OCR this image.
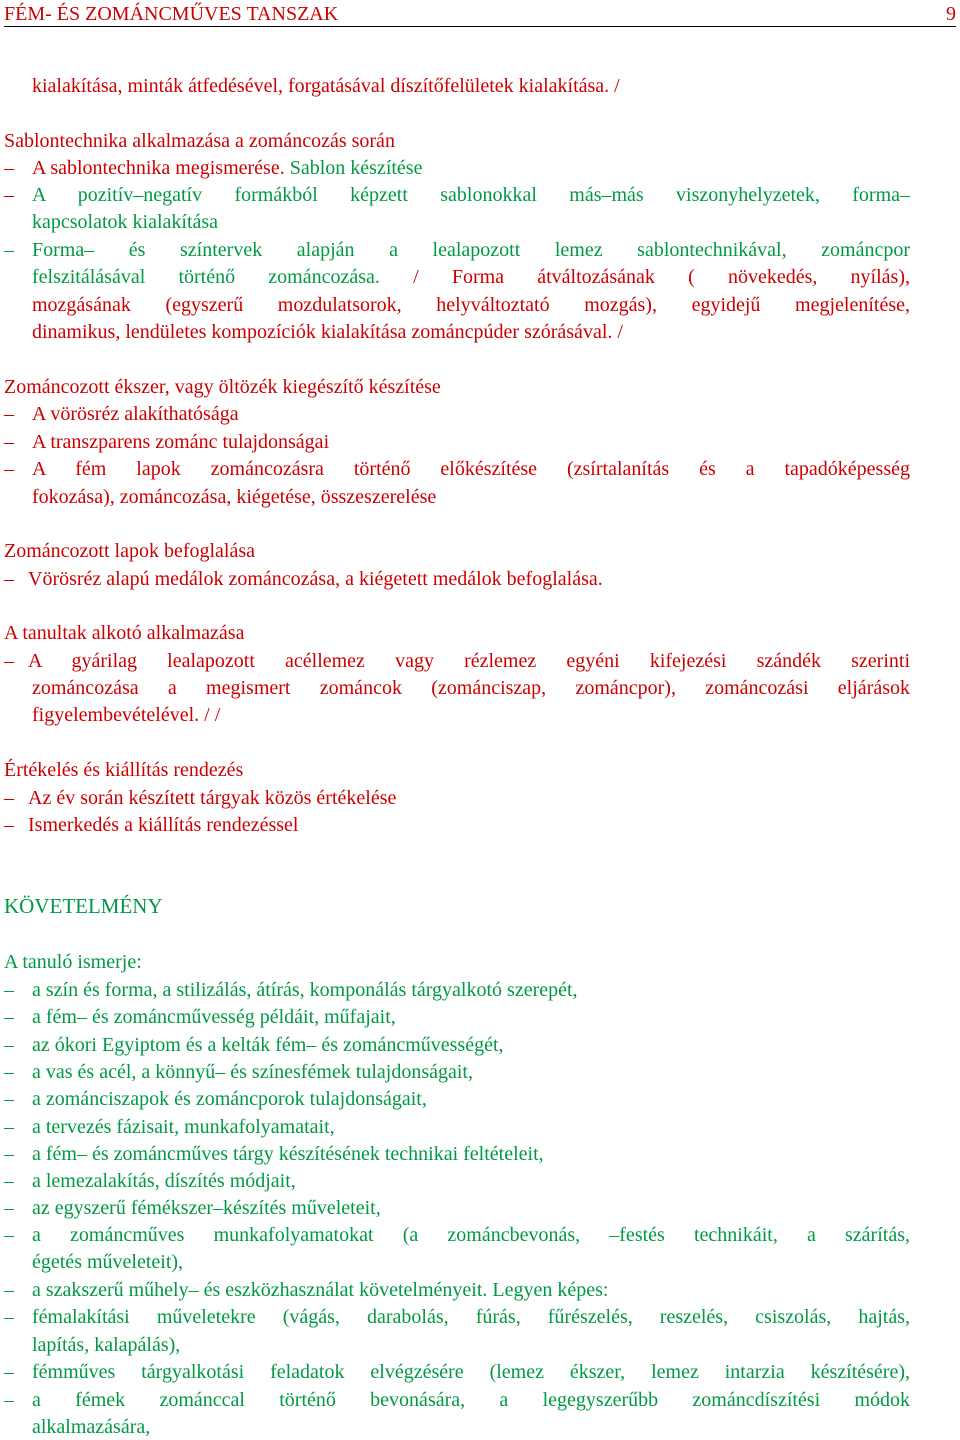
FÉM- ÉS ZOMÁNCMŰVES TANSZAK	9
kialakítása, minták átfedésével, forgatásával díszítőfelületek kialakítása. /
Sablontechnika alkalmazása a zománcozás során
– A sablontechnika megismerése. Sablon készítése
– A pozitív–negatív formákból képzett sablonokkal más–más viszonyhelyzetek, forma–
kapcsolatok kialakítása
– Forma– és színtervek alapján a lealapozott lemez sablontechnikával, zománcpor
felszitálásával történő zománcozása. / Forma átváltozásának ( növekedés, nyílás),
mozgásának (egyszerű mozdulatsorok, helyváltoztató mozgás), egyidejű megjelenítése,
dinamikus, lendületes kompozíciók kialakítása zománcpúder szórásával. /
Zománcozott ékszer, vagy öltözék kiegészítő készítése
– A vörösréz alakíthatósága
– A transzparens zománc tulajdonságai
– A fém lapok zománcozásra történő előkészítése (zsírtalanítás és a tapadóképesség
fokozása), zománcozása, kiégetése, összeszerelése
Zománcozott lapok befoglalása
– Vörösréz alapú medálok zománcozása, a kiégetett medálok befoglalása.
A tanultak alkotó alkalmazása
– A gyárilag lealapozott acéllemez vagy rézlemez egyéni kifejezési szándék szerinti
zománcozása a megismert zománcok (zománciszap, zománcpor), zománcozási eljárások
figyelembevételével. / /
Értékelés és kiállítás rendezés
– Az év során készített tárgyak közös értékelése
– Ismerkedés a kiállítás rendezéssel
KÖVETELMÉNY
A tanuló ismerje:
– a szín és forma, a stilizálás, átírás, komponálás tárgyalkotó szerepét,
– a fém– és zománcművesség példáit, műfajait,
– az ókori Egyiptom és a kelták fém– és zománcművességét,
– a vas és acél, a könnyű– és színesfémek tulajdonságait,
– a zománciszapok és zománcporok tulajdonságait,
– a tervezés fázisait, munkafolyamatait,
– a fém– és zománcműves tárgy készítésének technikai feltételeit,
– a lemezalakítás, díszítés módjait,
– az egyszerű fémékszer–készítés műveleteit,
– a zománcműves munkafolyamatokat (a zománcbevonás, –festés technikáit, a szárítás,
égetés műveleteit),
– a szakszerű műhely– és eszközhasználat követelményeit. Legyen képes:
– fémalakítási műveletekre (vágás, darabolás, fúrás, fűrészelés, reszelés, csiszolás, hajtás,
lapítás, kalapálás),
– fémműves tárgyalkotási feladatok elvégzésére (lemez ékszer, lemez intarzia készítésére),
– a fémek zománccal történő bevonására, a legegyszerűbb zománcdíszítési módok
alkalmazására,
